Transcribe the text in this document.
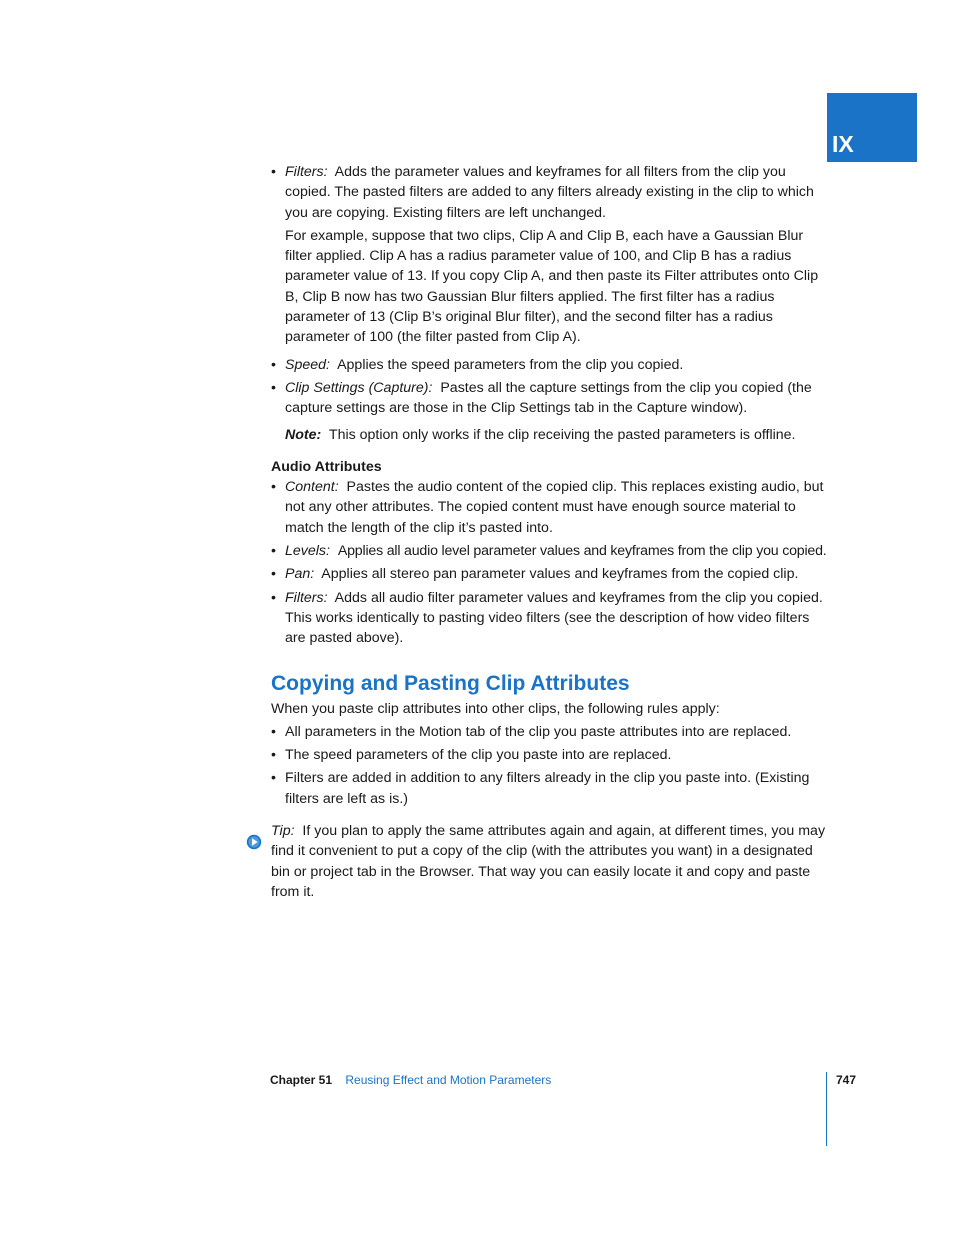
IX
• Filters: Adds the parameter values and keyframes for all filters from the clip you copied. The pasted filters are added to any filters already existing in the clip to which you are copying. Existing filters are left unchanged.

For example, suppose that two clips, Clip A and Clip B, each have a Gaussian Blur filter applied. Clip A has a radius parameter value of 100, and Clip B has a radius parameter value of 13. If you copy Clip A, and then paste its Filter attributes onto Clip B, Clip B now has two Gaussian Blur filters applied. The first filter has a radius parameter of 13 (Clip B’s original Blur filter), and the second filter has a radius parameter of 100 (the filter pasted from Clip A).

• Speed: Applies the speed parameters from the clip you copied.
• Clip Settings (Capture): Pastes all the capture settings from the clip you copied (the capture settings are those in the Clip Settings tab in the Capture window).

Note: This option only works if the clip receiving the pasted parameters is offline.

Audio Attributes

• Content: Pastes the audio content of the copied clip. This replaces existing audio, but not any other attributes. The copied content must have enough source material to match the length of the clip it’s pasted into.
• Levels: Applies all audio level parameter values and keyframes from the clip you copied.
• Pan: Applies all stereo pan parameter values and keyframes from the copied clip.
• Filters: Adds all audio filter parameter values and keyframes from the clip you copied. This works identically to pasting video filters (see the description of how video filters are pasted above).
Copying and Pasting Clip Attributes

When you paste clip attributes into other clips, the following rules apply:

• All parameters in the Motion tab of the clip you paste attributes into are replaced.
• The speed parameters of the clip you paste into are replaced.
• Filters are added in addition to any filters already in the clip you paste into. (Existing filters are left as is.)

Tip: If you plan to apply the same attributes again and again, at different times, you may find it convenient to put a copy of the clip (with the attributes you want) in a designated bin or project tab in the Browser. That way you can easily locate it and copy and paste from it.

Chapter 51 Reusing Effect and Motion Parameters	747
